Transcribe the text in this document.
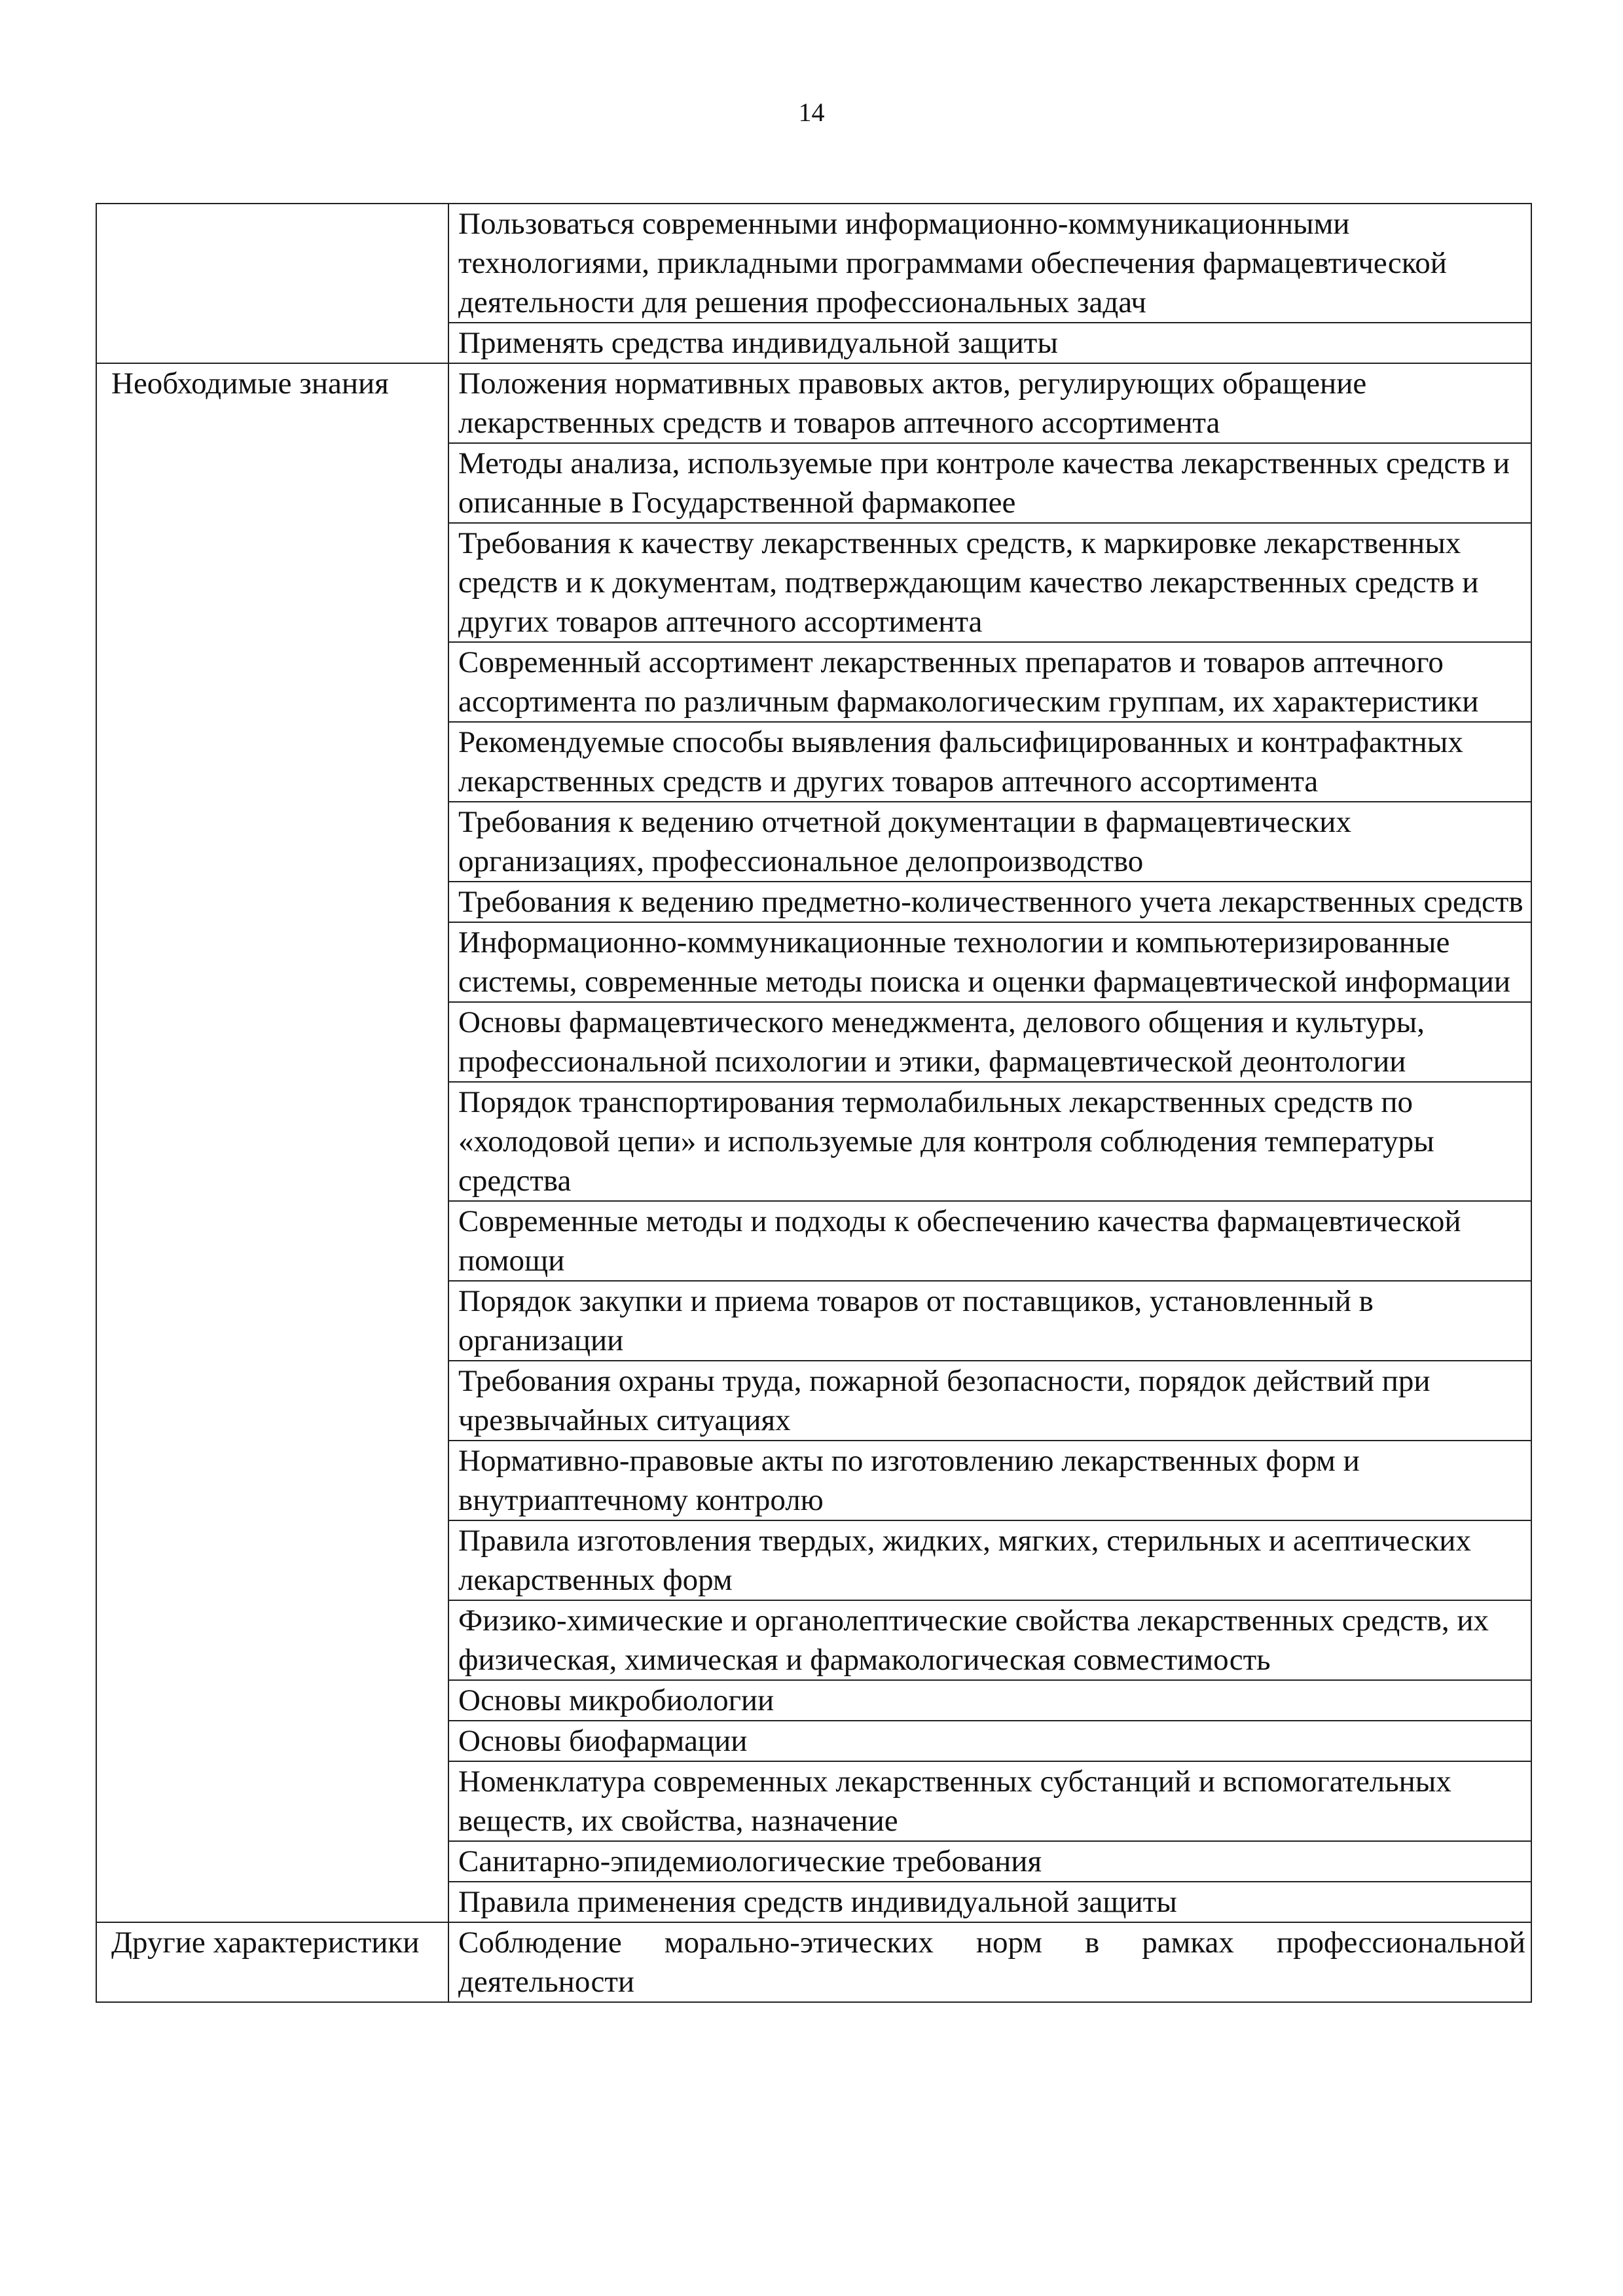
14
	Пользоваться современными информационно-коммуникационными технологиями, прикладными программами обеспечения фармацевтической деятельности для решения профессиональных задач
	Применять средства индивидуальной защиты
Необходимые знания	Положения нормативных правовых актов, регулирующих обращение лекарственных средств и товаров аптечного ассортимента
	Методы анализа, используемые при контроле качества лекарственных средств и описанные в Государственной фармакопее
	Требования к качеству лекарственных средств, к маркировке лекарственных средств и к документам, подтверждающим качество лекарственных средств и других товаров аптечного ассортимента
	Современный ассортимент лекарственных препаратов и товаров аптечного ассортимента по различным фармакологическим группам, их характеристики
	Рекомендуемые способы выявления фальсифицированных и контрафактных лекарственных средств и других товаров аптечного ассортимента
	Требования к ведению отчетной документации в фармацевтических организациях, профессиональное делопроизводство
	Требования к ведению предметно-количественного учета лекарственных средств
	Информационно-коммуникационные технологии и компьютеризированные системы, современные методы поиска и оценки фармацевтической информации
	Основы фармацевтического менеджмента, делового общения и культуры, профессиональной психологии и этики, фармацевтической деонтологии
	Порядок транспортирования термолабильных лекарственных средств по «холодовой цепи» и используемые для контроля соблюдения температуры средства
	Современные методы и подходы к обеспечению качества фармацевтической помощи
	Порядок закупки и приема товаров от поставщиков, установленный в организации
	Требования охраны труда, пожарной безопасности, порядок действий при чрезвычайных ситуациях
	Нормативно-правовые акты по изготовлению лекарственных форм и внутриаптечному контролю
	Правила изготовления твердых, жидких, мягких, стерильных и асептических лекарственных форм
	Физико-химические и органолептические свойства лекарственных средств, их физическая, химическая и фармакологическая совместимость
	Основы микробиологии
	Основы биофармации
	Номенклатура современных лекарственных субстанций и вспомогательных веществ, их свойства, назначение
	Санитарно-эпидемиологические требования
	Правила применения средств индивидуальной защиты
Другие характеристики	Соблюдение морально-этических норм в рамках профессиональной деятельности
